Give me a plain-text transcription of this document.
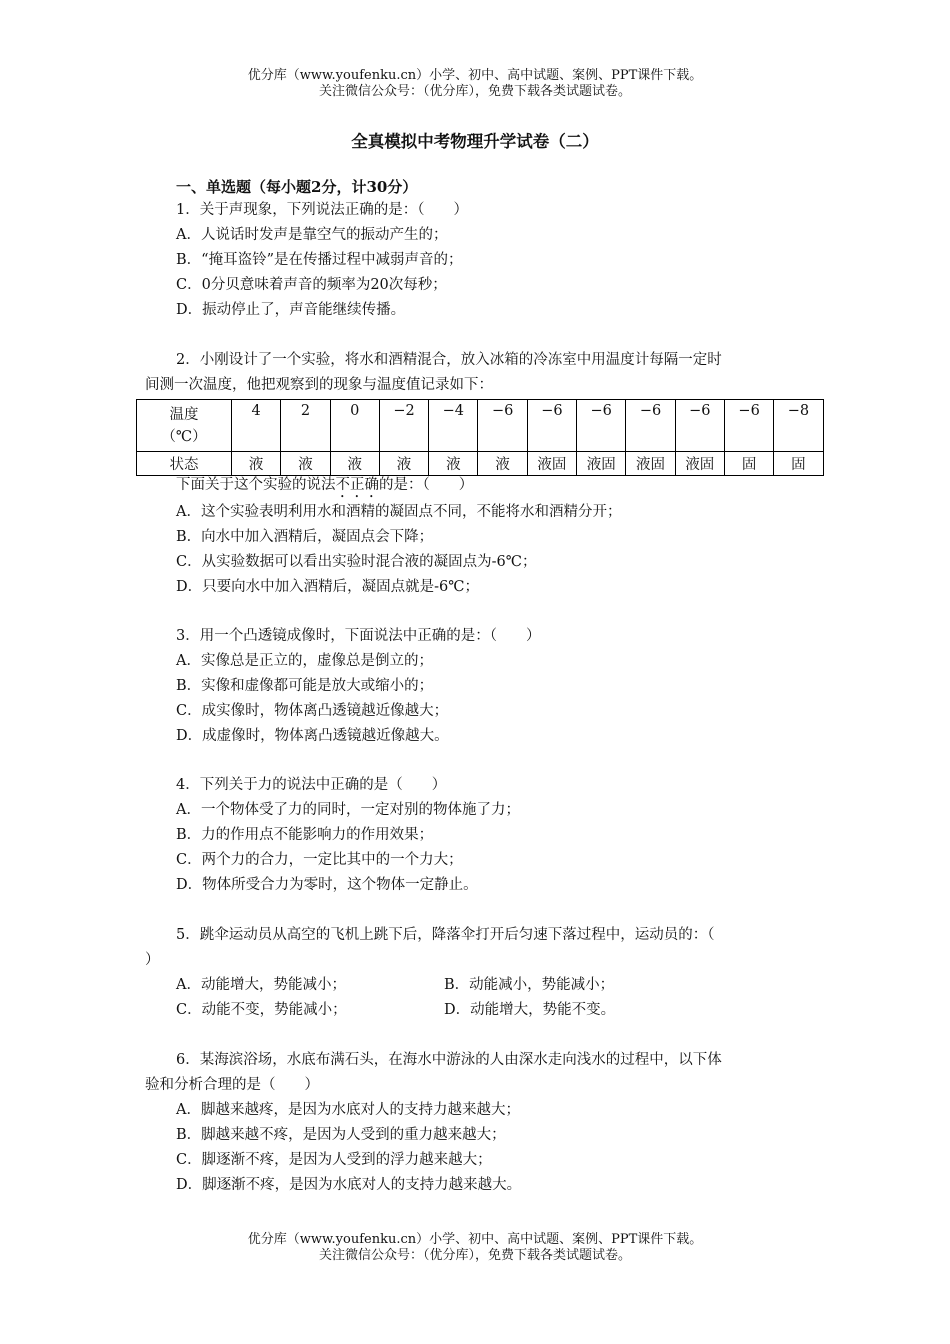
优分库（www.youfenku.cn）小学、初中、高中试题、案例、PPT课件下载。
关注微信公众号：（优分库），免费下载各类试题试卷。
全真模拟中考物理升学试卷（二）
一、单选题（每小题2分，计30分）
1．关于声现象，下列说法正确的是：（　　）
A．人说话时发声是靠空气的振动产生的；
B．“掩耳盗铃”是在传播过程中减弱声音的；
C．0分贝意味着声音的频率为20次每秒；
D．振动停止了，声音能继续传播。
2．小刚设计了一个实验，将水和酒精混合，放入冰箱的冷冻室中用温度计每隔一定时
间测一次温度，他把观察到的现象与温度值记录如下：
温度
（℃）	4	2	0	−2	−4	−6	−6	−6	−6	−6	−6	−8
状态	液	液	液	液	液	液	液固	液固	液固	液固	固	固
下面关于这个实验的说法不正确的是：（　　）
A．这个实验表明利用水和酒精的凝固点不同，不能将水和酒精分开；
B．向水中加入酒精后，凝固点会下降；
C．从实验数据可以看出实验时混合液的凝固点为-6℃；
D．只要向水中加入酒精后，凝固点就是-6℃；
3．用一个凸透镜成像时，下面说法中正确的是：（　　）
A．实像总是正立的，虚像总是倒立的；
B．实像和虚像都可能是放大或缩小的；
C．成实像时，物体离凸透镜越近像越大；
D．成虚像时，物体离凸透镜越近像越大。
4．下列关于力的说法中正确的是（　　）
A．一个物体受了力的同时，一定对别的物体施了力；
B．力的作用点不能影响力的作用效果；
C．两个力的合力，一定比其中的一个力大；
D．物体所受合力为零时，这个物体一定静止。
5．跳伞运动员从高空的飞机上跳下后，降落伞打开后匀速下落过程中，运动员的：（
）
A．动能增大，势能减小；	B．动能减小，势能减小；
C．动能不变，势能减小；	D．动能增大，势能不变。
6．某海滨浴场，水底布满石头，在海水中游泳的人由深水走向浅水的过程中，以下体
验和分析合理的是（　　）
A．脚越来越疼，是因为水底对人的支持力越来越大；
B．脚越来越不疼，是因为人受到的重力越来越大；
C．脚逐渐不疼，是因为人受到的浮力越来越大；
D．脚逐渐不疼，是因为水底对人的支持力越来越大。
优分库（www.youfenku.cn）小学、初中、高中试题、案例、PPT课件下载。
关注微信公众号：（优分库），免费下载各类试题试卷。
